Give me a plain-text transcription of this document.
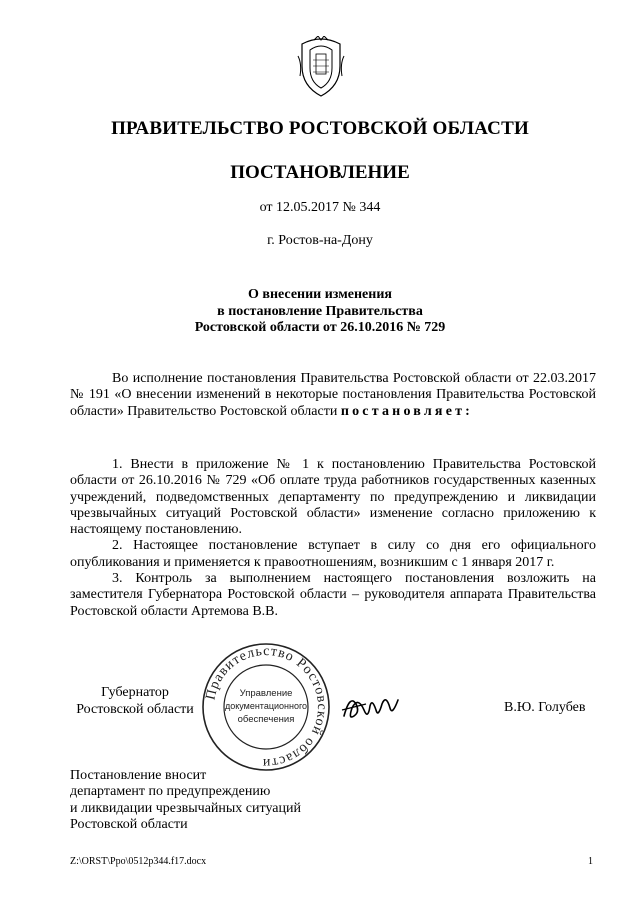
ПРАВИТЕЛЬСТВО РОСТОВСКОЙ ОБЛАСТИ
ПОСТАНОВЛЕНИЕ
от 12.05.2017 № 344
г. Ростов-на-Дону
О внесении изменения
в постановление Правительства
Ростовской области от 26.10.2016 № 729
Во исполнение постановления Правительства Ростовской области от 22.03.2017 № 191 «О внесении изменений в некоторые постановления Правительства Ростовской области» Правительство Ростовской области постановляет:

1. Внести в приложение № 1 к постановлению Правительства Ростовской области от 26.10.2016 № 729 «Об оплате труда работников государственных казенных учреждений, подведомственных департаменту по предупреждению и ликвидации чрезвычайных ситуаций Ростовской области» изменение согласно приложению к настоящему постановлению.

2. Настоящее постановление вступает в силу со дня его официального опубликования и применяется к правоотношениям, возникшим с 1 января 2017 г.

3. Контроль за выполнением настоящего постановления возложить на заместителя Губернатора Ростовской области – руководителя аппарата Правительства Ростовской области Артемова В.В.

Губернатор
Ростовской области
Правительство Ростовской области
Управление
документационного
обеспечения
В.Ю. Голубев
Постановление вносит
департамент по предупреждению
и ликвидации чрезвычайных ситуаций
Ростовской области
Z:\ORST\Ppo\0512p344.f17.docx	1
